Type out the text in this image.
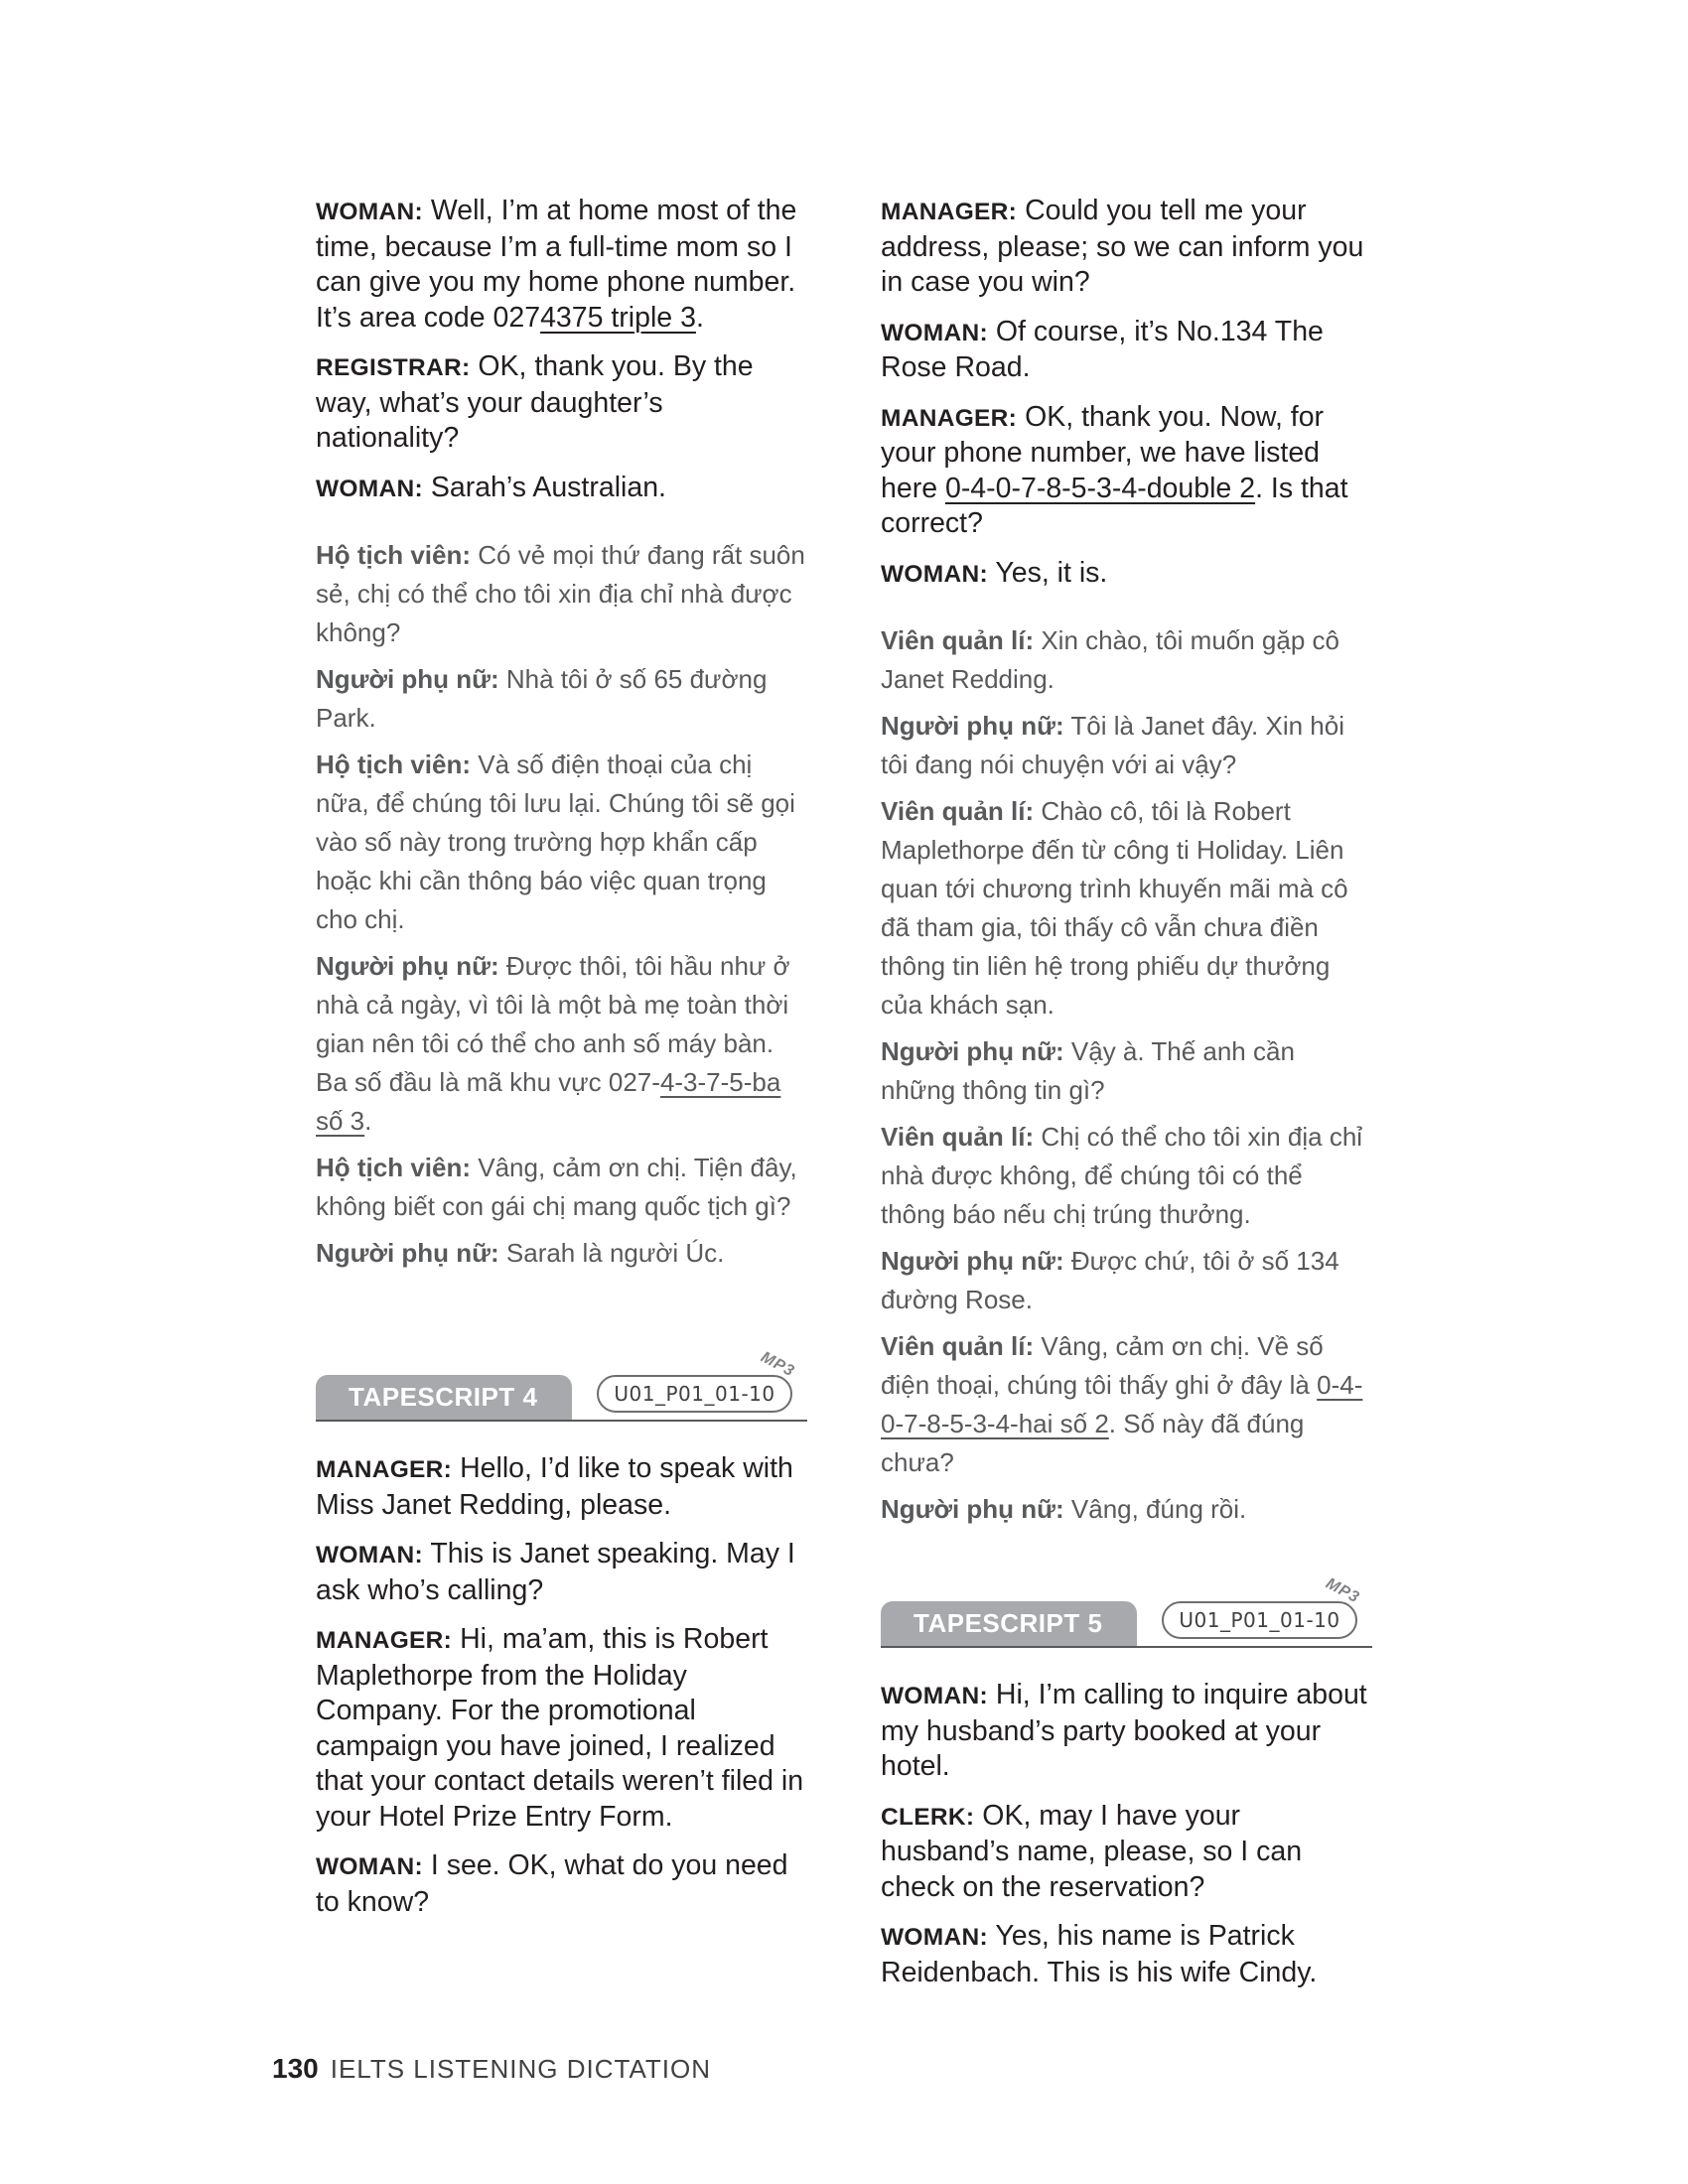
WOMAN: Well, I’m at home most of the time, because I’m a full-time mom so I can give you my home phone number. It’s area code 0274375 triple 3.

REGISTRAR: OK, thank you. By the way, what’s your daughter’s nationality?

WOMAN: Sarah’s Australian.

Hộ tịch viên: Có vẻ mọi thứ đang rất suôn sẻ, chị có thể cho tôi xin địa chỉ nhà được không?

Người phụ nữ: Nhà tôi ở số 65 đường Park.

Hộ tịch viên: Và số điện thoại của chị nữa, để chúng tôi lưu lại. Chúng tôi sẽ gọi vào số này trong trường hợp khẩn cấp hoặc khi cần thông báo việc quan trọng cho chị.

Người phụ nữ: Được thôi, tôi hầu như ở nhà cả ngày, vì tôi là một bà mẹ toàn thời gian nên tôi có thể cho anh số máy bàn. Ba số đầu là mã khu vực 027-4-3-7-5-ba số 3.

Hộ tịch viên: Vâng, cảm ơn chị. Tiện đây, không biết con gái chị mang quốc tịch gì?

Người phụ nữ: Sarah là người Úc.

TAPESCRIPT 4	U01_P01_01-10
MP3

MANAGER: Hello, I’d like to speak with Miss Janet Redding, please.

WOMAN: This is Janet speaking. May I ask who’s calling?

MANAGER: Hi, ma’am, this is Robert Maplethorpe from the Holiday Company. For the promotional campaign you have joined, I realized that your contact details weren’t filed in your Hotel Prize Entry Form.

WOMAN: I see. OK, what do you need to know?

MANAGER: Could you tell me your address, please; so we can inform you in case you win?

WOMAN: Of course, it’s No.134 The Rose Road.

MANAGER: OK, thank you. Now, for your phone number, we have listed here 0-4-0-7-8-5-3-4-double 2. Is that correct?

WOMAN: Yes, it is.

Viên quản lí: Xin chào, tôi muốn gặp cô Janet Redding.

Người phụ nữ: Tôi là Janet đây. Xin hỏi tôi đang nói chuyện với ai vậy?

Viên quản lí: Chào cô, tôi là Robert Maplethorpe đến từ công ti Holiday. Liên quan tới chương trình khuyến mãi mà cô đã tham gia, tôi thấy cô vẫn chưa điền thông tin liên hệ trong phiếu dự thưởng của khách sạn.

Người phụ nữ: Vậy à. Thế anh cần những thông tin gì?

Viên quản lí: Chị có thể cho tôi xin địa chỉ nhà được không, để chúng tôi có thể thông báo nếu chị trúng thưởng.

Người phụ nữ: Được chứ, tôi ở số 134 đường Rose.

Viên quản lí: Vâng, cảm ơn chị. Về số điện thoại, chúng tôi thấy ghi ở đây là 0-4-0-7-8-5-3-4-hai số 2. Số này đã đúng chưa?

Người phụ nữ: Vâng, đúng rồi.

TAPESCRIPT 5	U01_P01_01-10
MP3

WOMAN: Hi, I’m calling to inquire about my husband’s party booked at your hotel.

CLERK: OK, may I have your husband’s name, please, so I can check on the reservation?

WOMAN: Yes, his name is Patrick Reidenbach. This is his wife Cindy.

130 IELTS LISTENING DICTATION
